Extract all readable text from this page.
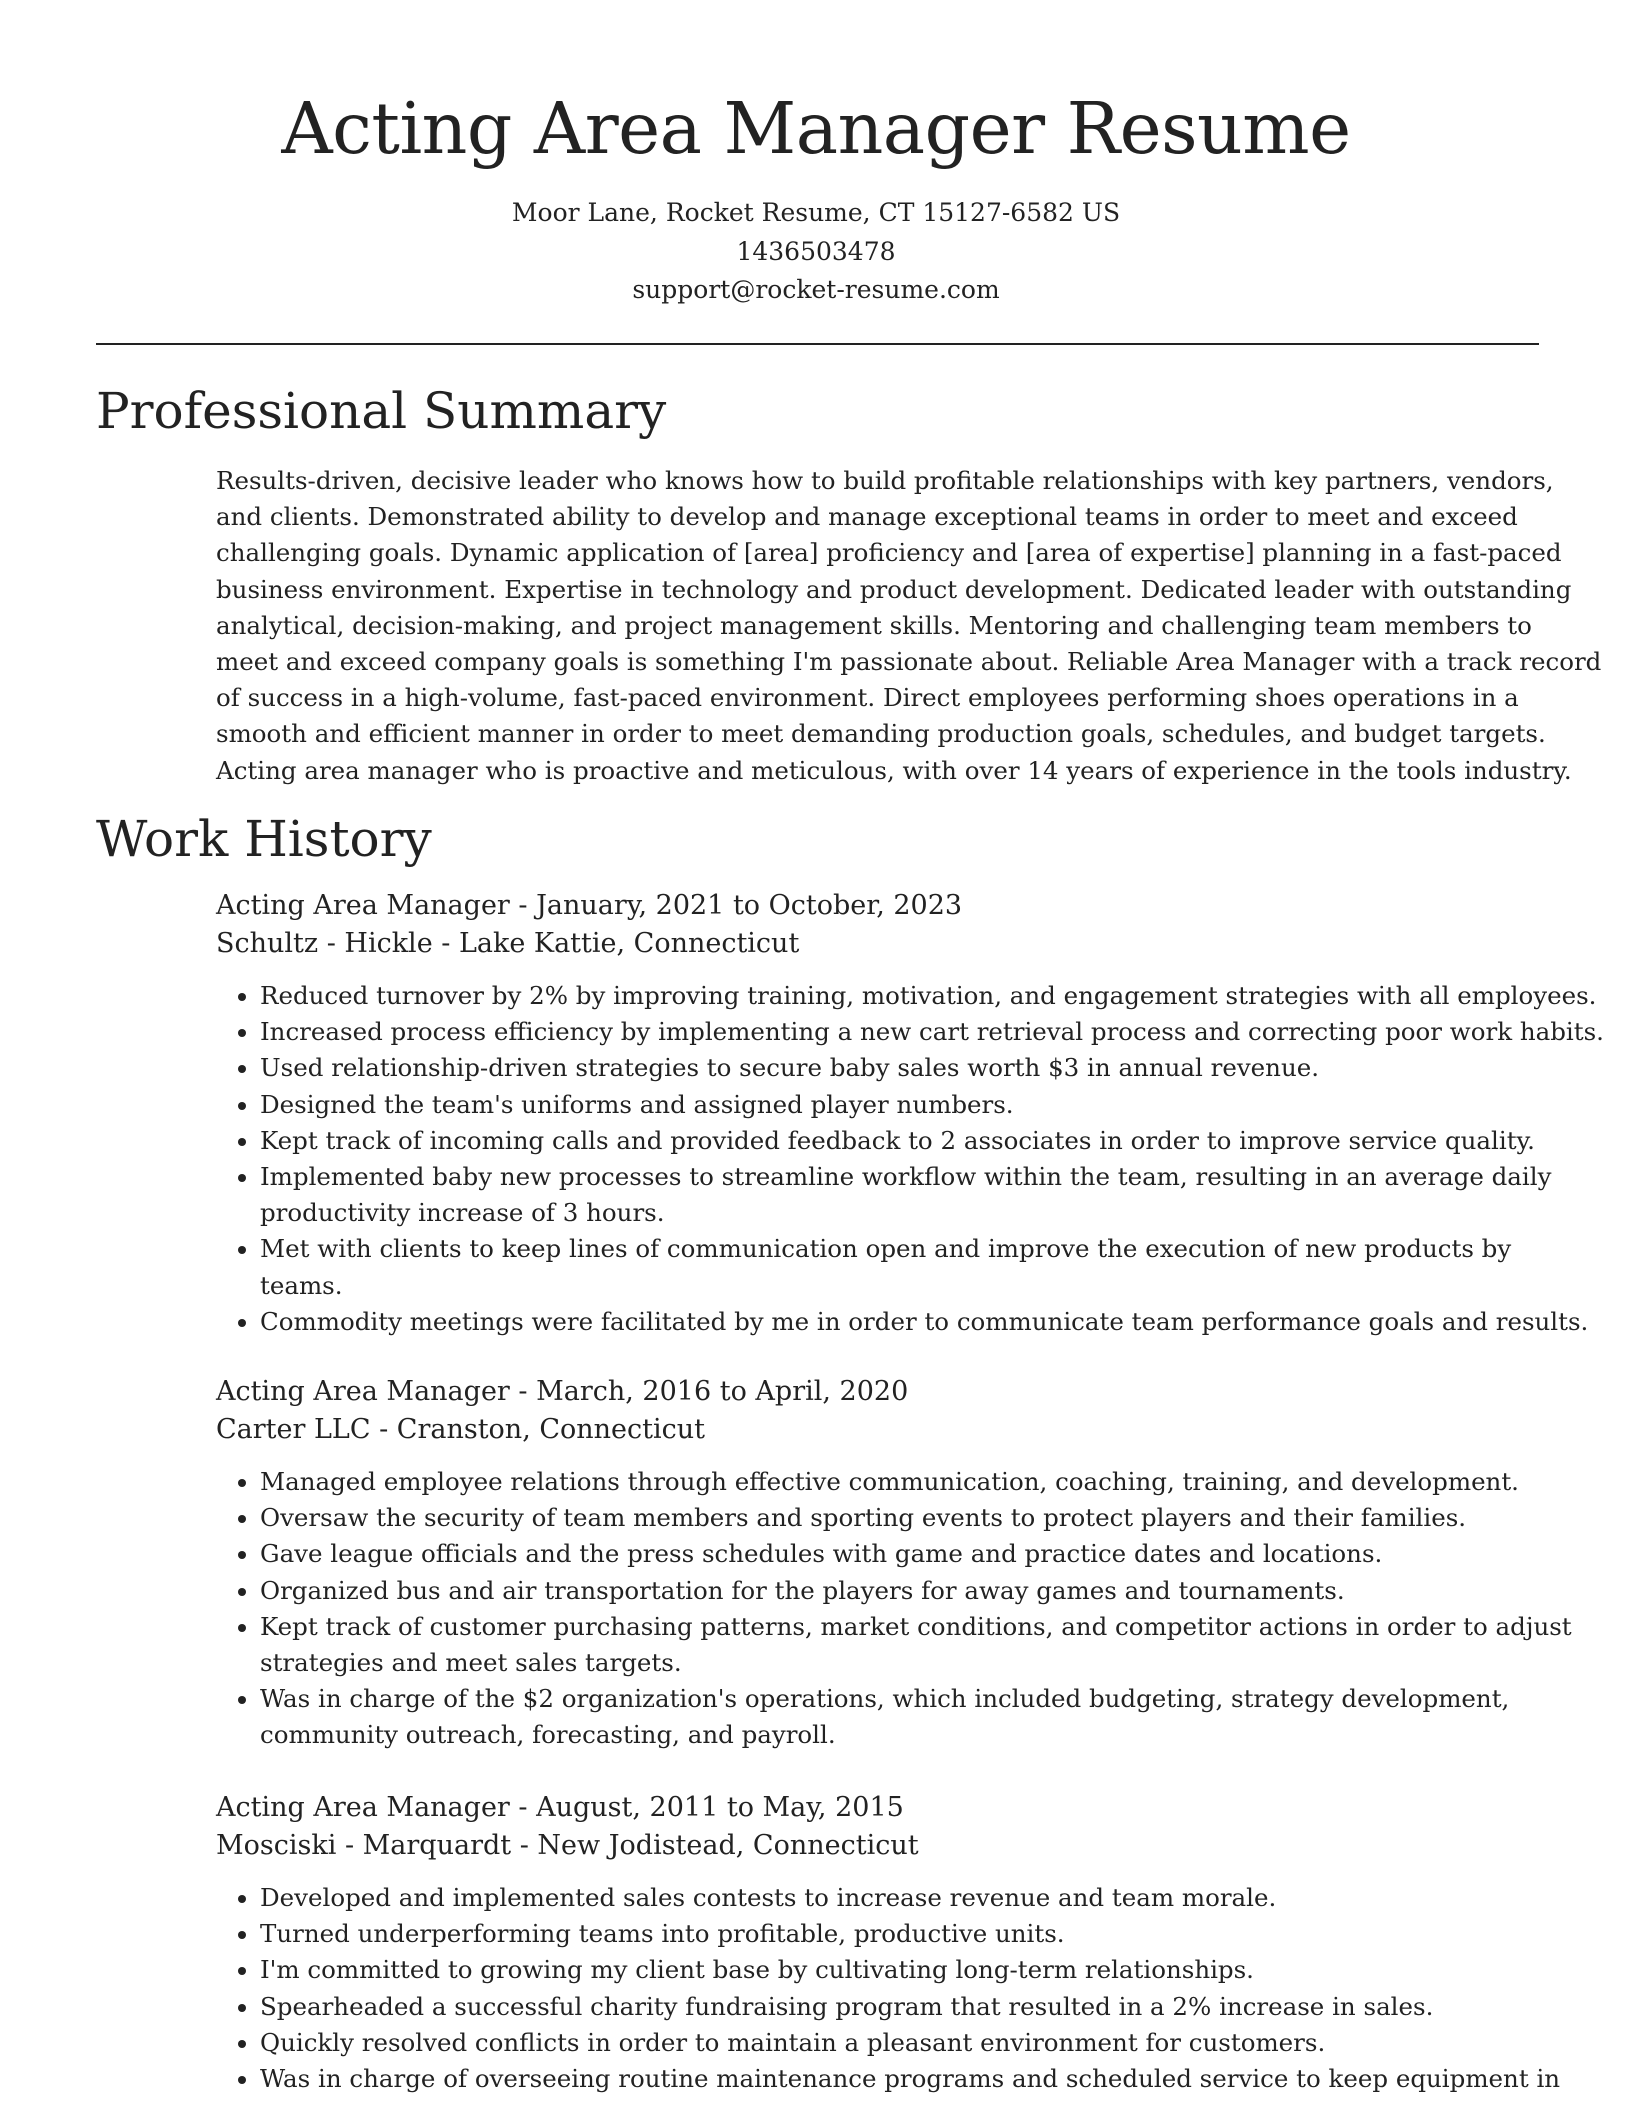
Acting Area Manager Resume
Moor Lane, Rocket Resume, CT 15127-6582 US
1436503478
support@rocket-resume.com
Professional Summary

Results-driven, decisive leader who knows how to build profitable relationships with key partners, vendors,
and clients. Demonstrated ability to develop and manage exceptional teams in order to meet and exceed
challenging goals. Dynamic application of [area] proficiency and [area of expertise] planning in a fast-paced
business environment. Expertise in technology and product development. Dedicated leader with outstanding
analytical, decision-making, and project management skills. Mentoring and challenging team members to
meet and exceed company goals is something I'm passionate about. Reliable Area Manager with a track record
of success in a high-volume, fast-paced environment. Direct employees performing shoes operations in a
smooth and efficient manner in order to meet demanding production goals, schedules, and budget targets.
Acting area manager who is proactive and meticulous, with over 14 years of experience in the tools industry.

Work History
Acting Area Manager - January, 2021 to October, 2023
Schultz - Hickle - Lake Kattie, Connecticut
• Reduced turnover by 2% by improving training, motivation, and engagement strategies with all employees.
• Increased process efficiency by implementing a new cart retrieval process and correcting poor work habits.
• Used relationship-driven strategies to secure baby sales worth $3 in annual revenue.
• Designed the team's uniforms and assigned player numbers.
• Kept track of incoming calls and provided feedback to 2 associates in order to improve service quality.
• Implemented baby new processes to streamline workflow within the team, resulting in an average daily
productivity increase of 3 hours.
• Met with clients to keep lines of communication open and improve the execution of new products by
teams.
• Commodity meetings were facilitated by me in order to communicate team performance goals and results.
Acting Area Manager - March, 2016 to April, 2020
Carter LLC - Cranston, Connecticut
• Managed employee relations through effective communication, coaching, training, and development.
• Oversaw the security of team members and sporting events to protect players and their families.
• Gave league officials and the press schedules with game and practice dates and locations.
• Organized bus and air transportation for the players for away games and tournaments.
• Kept track of customer purchasing patterns, market conditions, and competitor actions in order to adjust
strategies and meet sales targets.
• Was in charge of the $2 organization's operations, which included budgeting, strategy development,
community outreach, forecasting, and payroll.
Acting Area Manager - August, 2011 to May, 2015
Mosciski - Marquardt - New Jodistead, Connecticut
• Developed and implemented sales contests to increase revenue and team morale.
• Turned underperforming teams into profitable, productive units.
• I'm committed to growing my client base by cultivating long-term relationships.
• Spearheaded a successful charity fundraising program that resulted in a 2% increase in sales.
• Quickly resolved conflicts in order to maintain a pleasant environment for customers.
• Was in charge of overseeing routine maintenance programs and scheduled service to keep equipment in
